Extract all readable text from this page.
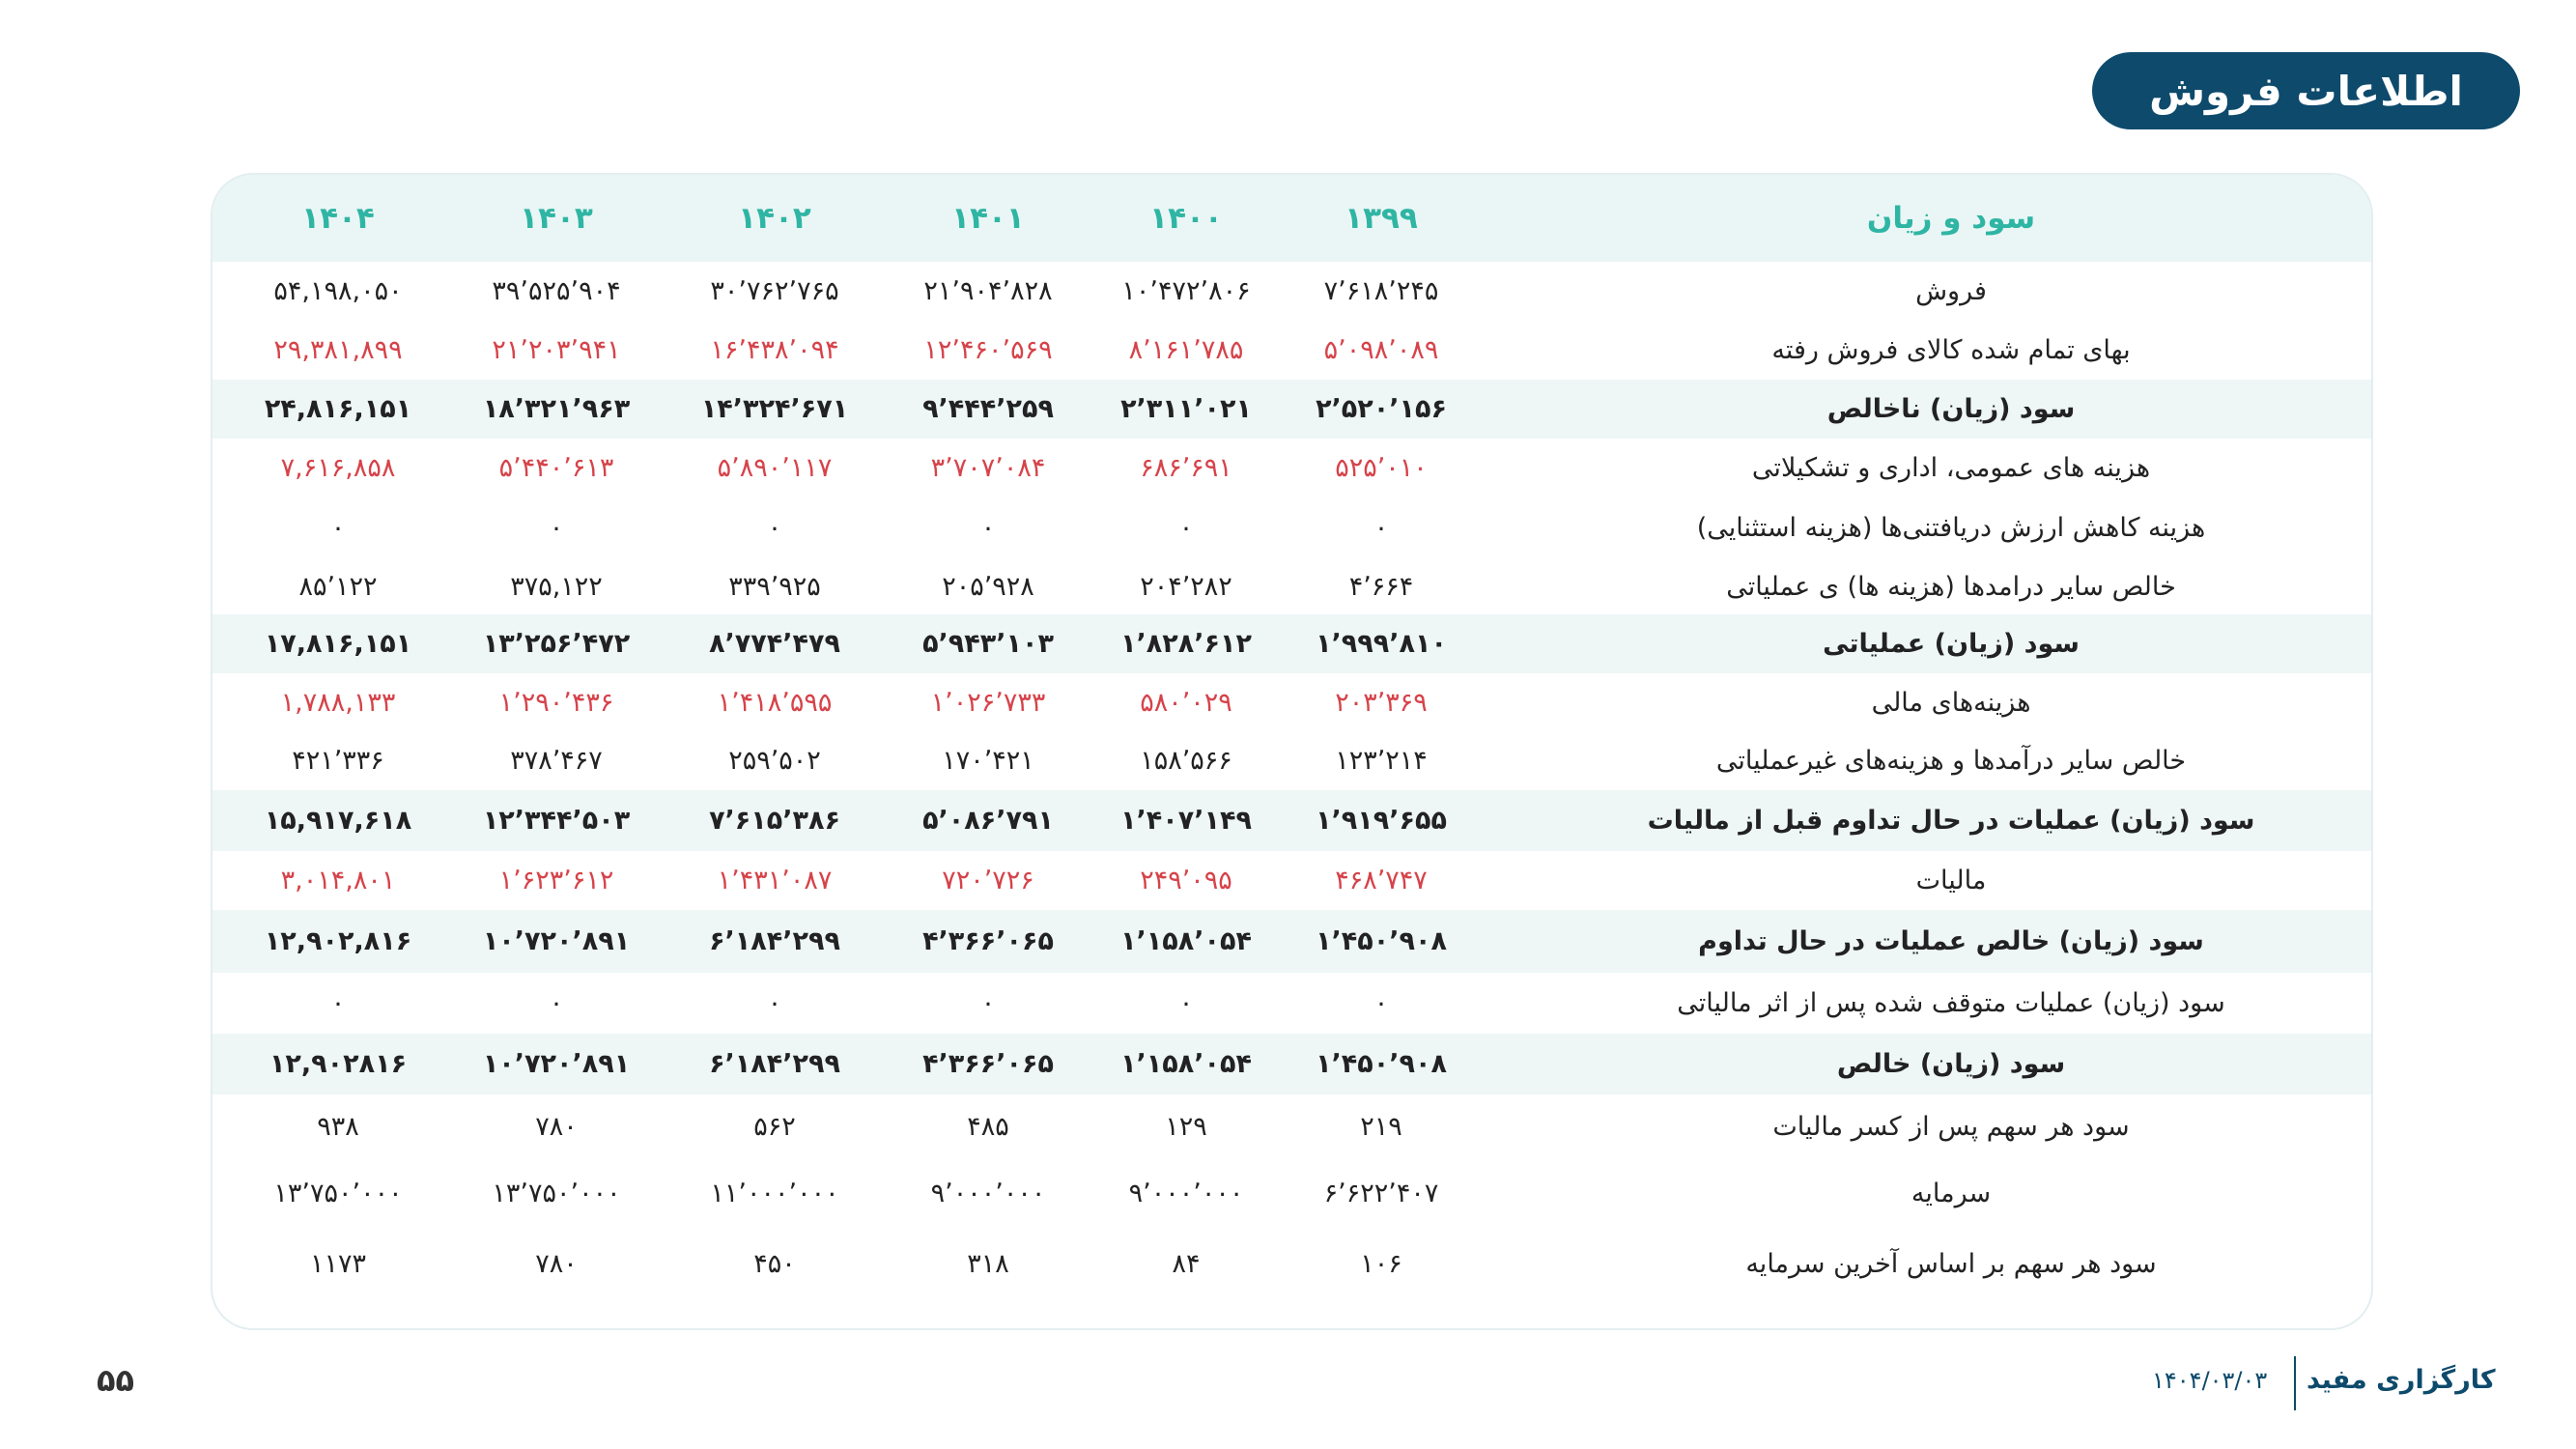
اطلاعات فروش
۱۴۰۴	۱۴۰۳	۱۴۰۲	۱۴۰۱	۱۴۰۰	۱۳۹۹	سود و زیان
۵۴,۱۹۸,۰۵۰	۳۹٬۵۲۵٬۹۰۴	۳۰٬۷۶۲٬۷۶۵	۲۱٬۹۰۴٬۸۲۸	۱۰٬۴۷۲٬۸۰۶	۷٬۶۱۸٬۲۴۵	فروش
۲۹,۳۸۱,۸۹۹	۲۱٬۲۰۳٬۹۴۱	۱۶٬۴۳۸٬۰۹۴	۱۲٬۴۶۰٬۵۶۹	۸٬۱۶۱٬۷۸۵	۵٬۰۹۸٬۰۸۹	بهای تمام شده کالای فروش رفته
۲۴,۸۱۶,۱۵۱	۱۸٬۳۲۱٬۹۶۳	۱۴٬۳۲۴٬۶۷۱	۹٬۴۴۴٬۲۵۹	۲٬۳۱۱٬۰۲۱	۲٬۵۲۰٬۱۵۶	سود (زیان) ناخالص
۷,۶۱۶,۸۵۸	۵٬۴۴۰٬۶۱۳	۵٬۸۹۰٬۱۱۷	۳٬۷۰۷٬۰۸۴	۶۸۶٬۶۹۱	۵۲۵٬۰۱۰	هزینه های عمومی، اداری و تشکیلاتی
۰	۰	۰	۰	۰	۰	هزینه کاهش ارزش دریافتنی‌ها (هزینه استثنایی)
۸۵٬۱۲۲	۳۷۵,۱۲۲	۳۳۹٬۹۲۵	۲۰۵٬۹۲۸	۲۰۴٬۲۸۲	۴٬۶۶۴	خالص سایر درامدها (هزینه ها) ی عملیاتی
۱۷,۸۱۶,۱۵۱	۱۳٬۲۵۶٬۴۷۲	۸٬۷۷۴٬۴۷۹	۵٬۹۴۳٬۱۰۳	۱٬۸۲۸٬۶۱۲	۱٬۹۹۹٬۸۱۰	سود (زیان) عملیاتی
۱,۷۸۸,۱۳۳	۱٬۲۹۰٬۴۳۶	۱٬۴۱۸٬۵۹۵	۱٬۰۲۶٬۷۳۳	۵۸۰٬۰۲۹	۲۰۳٬۳۶۹	هزینه‌های مالی
۴۲۱٬۳۳۶	۳۷۸٬۴۶۷	۲۵۹٬۵۰۲	۱۷۰٬۴۲۱	۱۵۸٬۵۶۶	۱۲۳٬۲۱۴	خالص سایر درآمدها و هزینه‌های غیرعملیاتی
۱۵,۹۱۷,۶۱۸	۱۲٬۳۴۴٬۵۰۳	۷٬۶۱۵٬۳۸۶	۵٬۰۸۶٬۷۹۱	۱٬۴۰۷٬۱۴۹	۱٬۹۱۹٬۶۵۵	سود (زیان) عملیات در حال تداوم قبل از مالیات
۳,۰۱۴,۸۰۱	۱٬۶۲۳٬۶۱۲	۱٬۴۳۱٬۰۸۷	۷۲۰٬۷۲۶	۲۴۹٬۰۹۵	۴۶۸٬۷۴۷	مالیات
۱۲,۹۰۲,۸۱۶	۱۰٬۷۲۰٬۸۹۱	۶٬۱۸۴٬۲۹۹	۴٬۳۶۶٬۰۶۵	۱٬۱۵۸٬۰۵۴	۱٬۴۵۰٬۹۰۸	سود (زیان) خالص عملیات در حال تداوم
۰	۰	۰	۰	۰	۰	سود (زیان) عملیات متوقف شده پس از اثر مالیاتی
۱۲,۹۰۲۸۱۶	۱۰٬۷۲۰٬۸۹۱	۶٬۱۸۴٬۲۹۹	۴٬۳۶۶٬۰۶۵	۱٬۱۵۸٬۰۵۴	۱٬۴۵۰٬۹۰۸	سود (زیان) خالص
۹۳۸	۷۸۰	۵۶۲	۴۸۵	۱۲۹	۲۱۹	سود هر سهم پس از کسر مالیات
۱۳٬۷۵۰٬۰۰۰	۱۳٬۷۵۰٬۰۰۰	۱۱٬۰۰۰٬۰۰۰	۹٬۰۰۰٬۰۰۰	۹٬۰۰۰٬۰۰۰	۶٬۶۲۲٬۴۰۷	سرمایه
۱۱۷۳	۷۸۰	۴۵۰	۳۱۸	۸۴	۱۰۶	سود هر سهم بر اساس آخرین سرمایه
۵۵	کارگزاری مفید
۱۴۰۴/۰۳/۰۳
